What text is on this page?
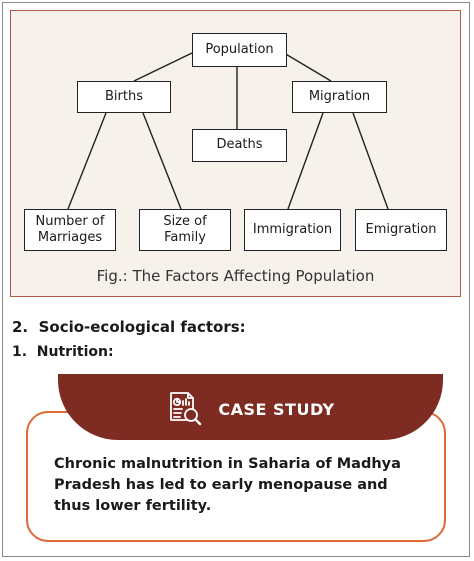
Population
Births	Migration
Deaths
Number of
Marriages
Size of
Family
Immigration	Emigration
Fig.: The Factors Affecting Population
2.  Socio-ecological factors:
1.  Nutrition:
CASE STUDY
Chronic malnutrition in Saharia of Madhya Pradesh has led to early menopause and thus lower fertility.
